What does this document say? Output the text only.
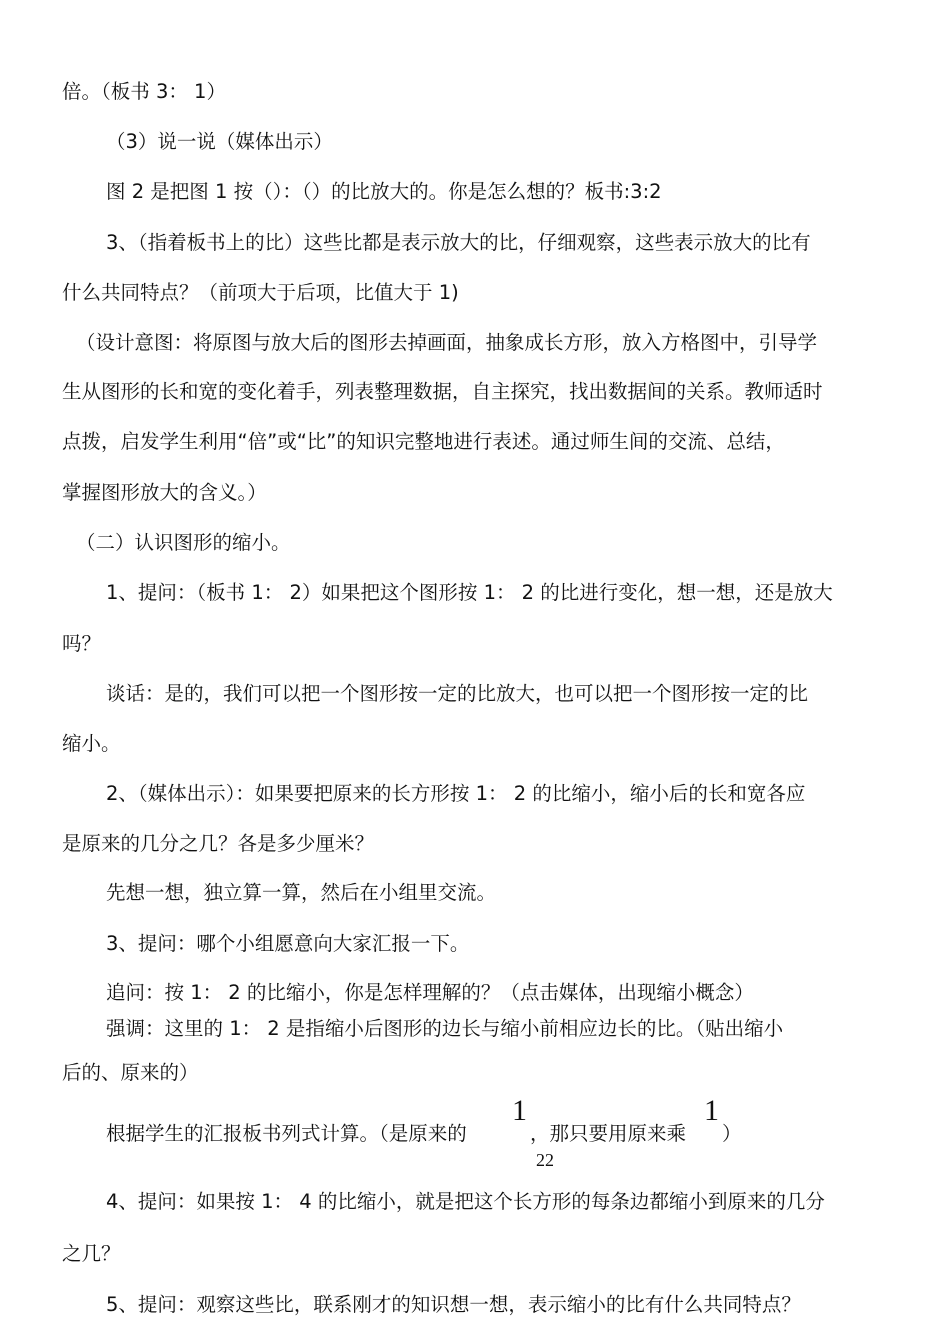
倍。（板书 3： 1）
（3）说一说（媒体出示）
图 2 是把图 1 按（）：（）的比放大的。你是怎么想的？板书:3:2
3、（指着板书上的比）这些比都是表示放大的比，仔细观察，这些表示放大的比有
什么共同特点？（前项大于后项，比值大于 1)
（设计意图：将原图与放大后的图形去掉画面，抽象成长方形，放入方格图中，引导学
生从图形的长和宽的变化着手，列表整理数据，自主探究，找出数据间的关系。教师适时
点拨，启发学生利用“倍”或“比”的知识完整地进行表述。通过师生间的交流、总结，
掌握图形放大的含义。）
（二）认识图形的缩小。
1、提问：（板书 1： 2）如果把这个图形按 1： 2 的比进行变化，想一想，还是放大
吗？
谈话：是的，我们可以把一个图形按一定的比放大，也可以把一个图形按一定的比
缩小。
2、（媒体出示）：如果要把原来的长方形按 1： 2 的比缩小，缩小后的长和宽各应
是原来的几分之几？各是多少厘米？
先想一想，独立算一算，然后在小组里交流。
3、提问：哪个小组愿意向大家汇报一下。
追问：按 1： 2 的比缩小，你是怎样理解的？（点击媒体，出现缩小概念）
强调：这里的 1： 2 是指缩小后图形的边长与缩小前相应边长的比。（贴出缩小
后的、原来的）
根据学生的汇报板书列式计算。（是原来的
1
，那只要用原来乘
1
）
22
4、提问：如果按 1： 4 的比缩小，就是把这个长方形的每条边都缩小到原来的几分
之几？
5、提问：观察这些比，联系刚才的知识想一想，表示缩小的比有什么共同特点？
